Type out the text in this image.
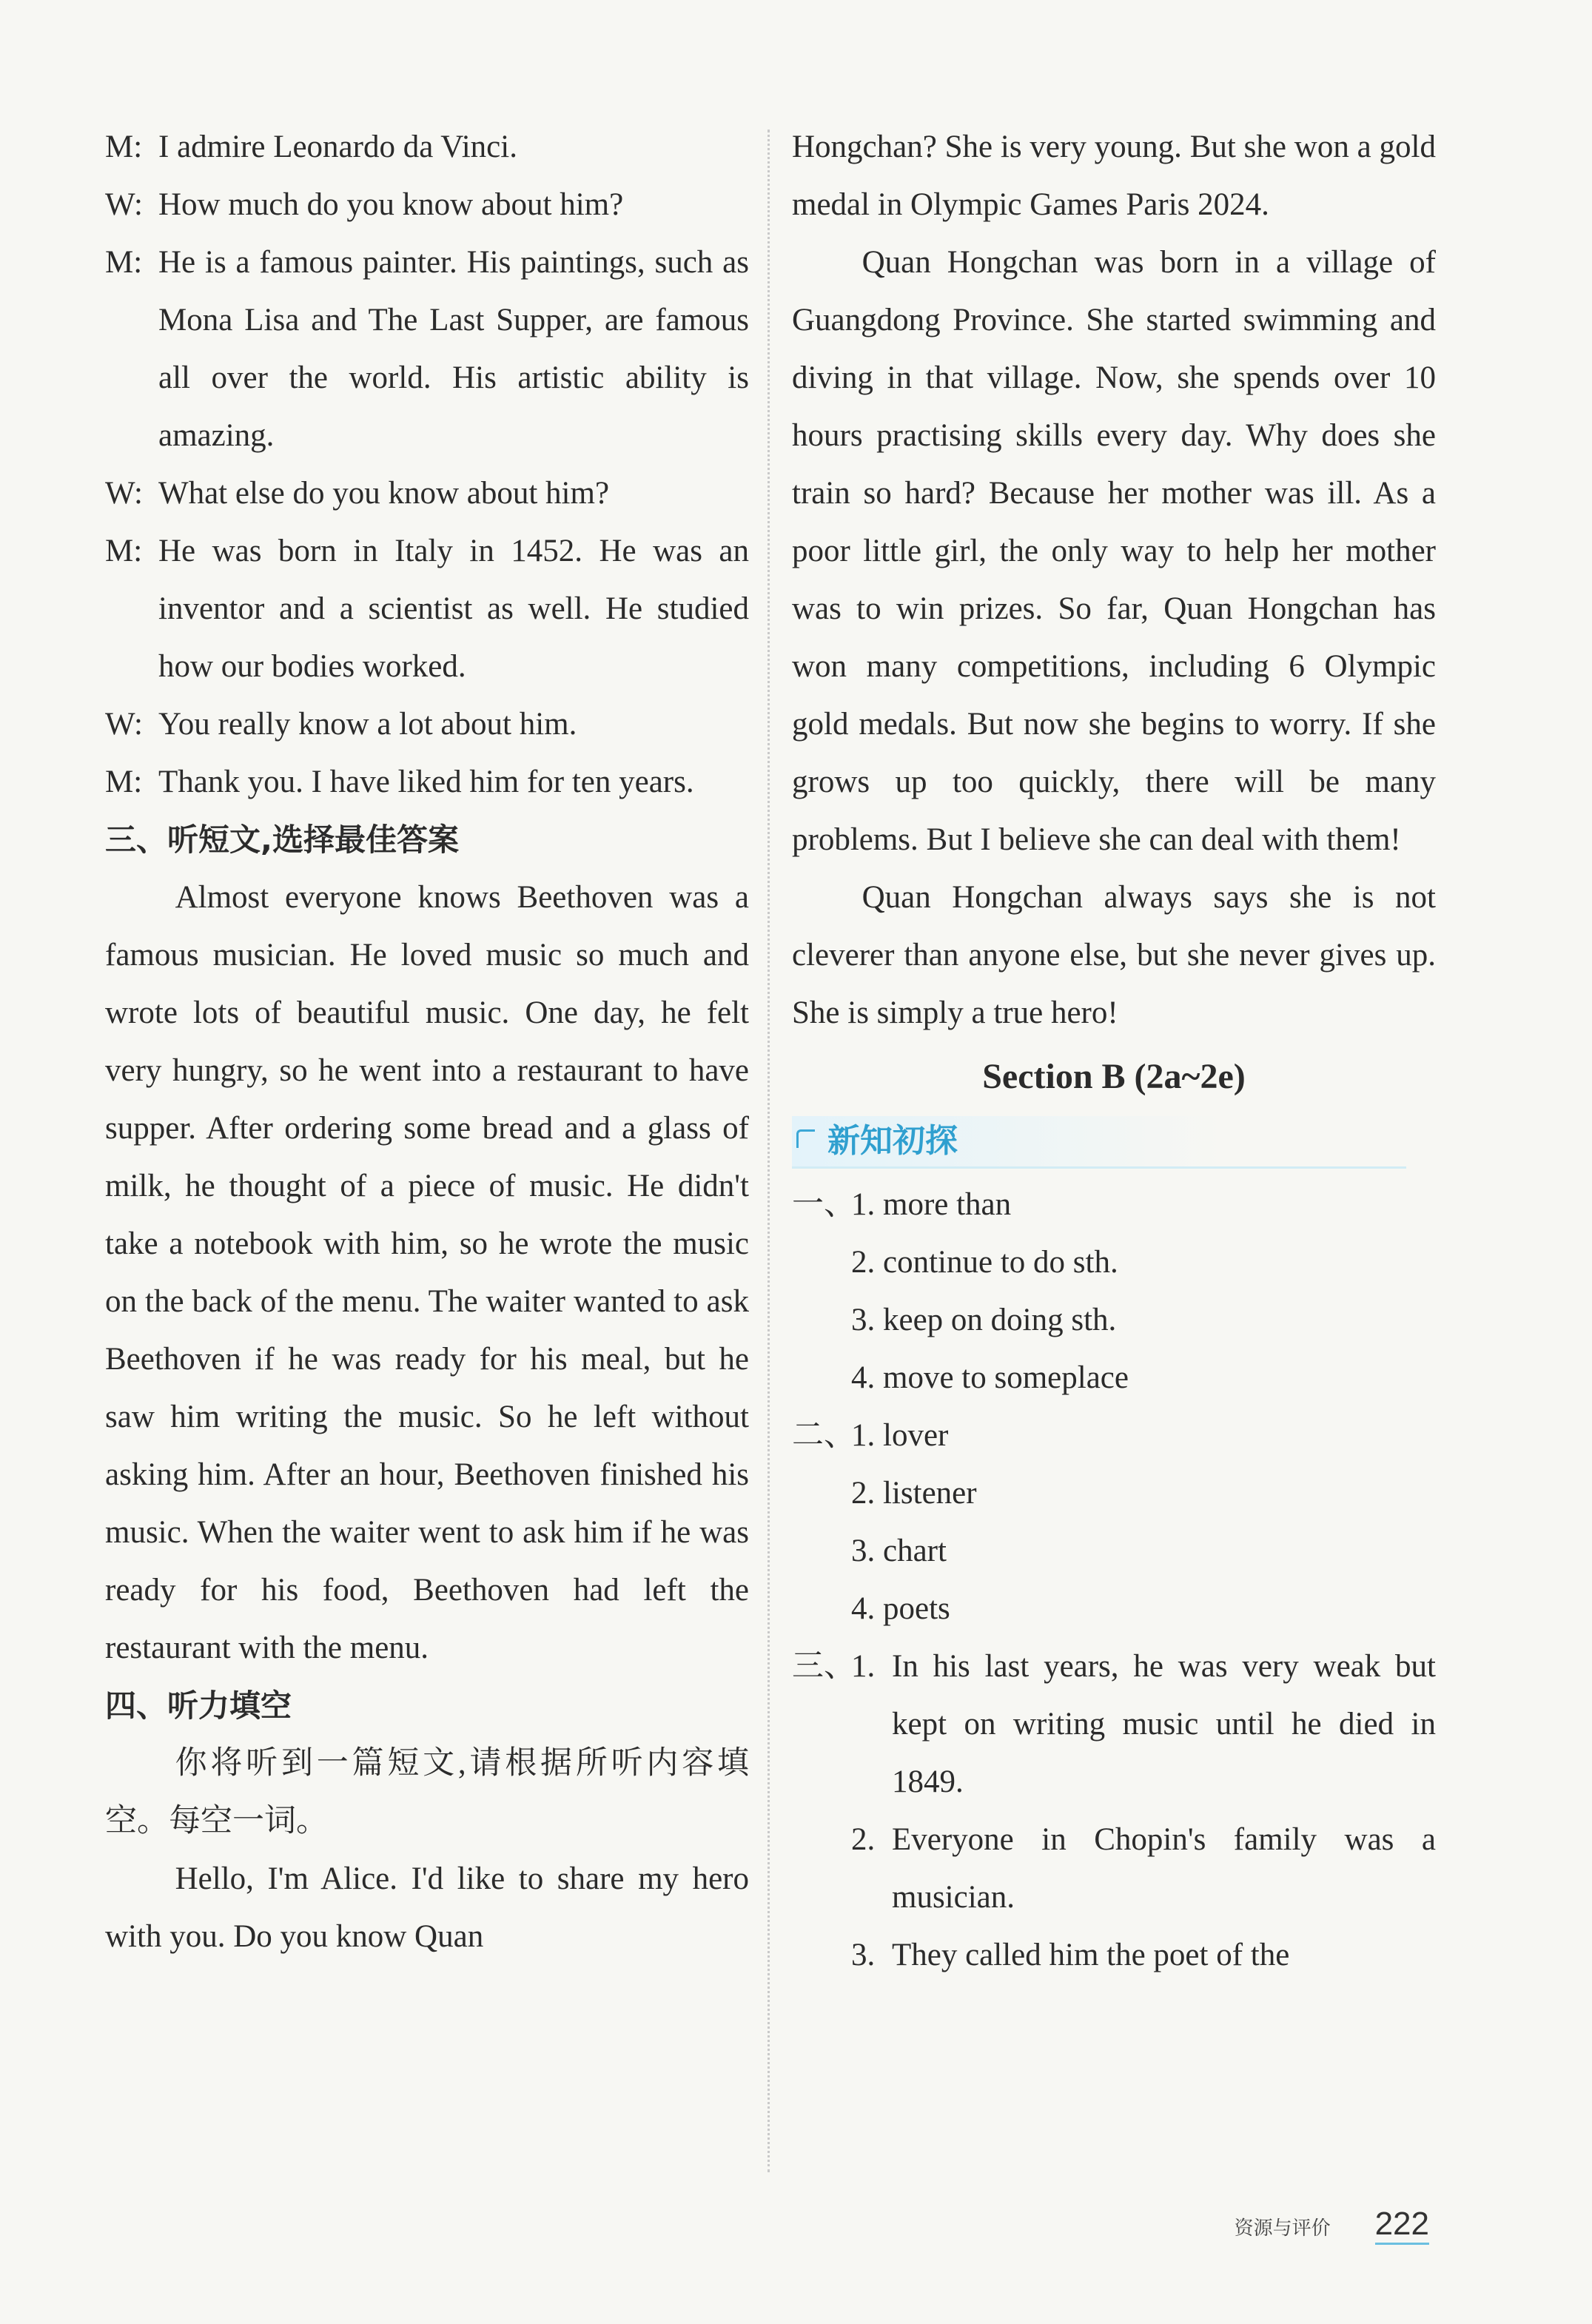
M: I admire Leonardo da Vinci.
W: How much do you know about him?
M: He is a famous painter. His paintings, such as Mona Lisa and The Last Supper, are famous all over the world. His artistic ability is amazing.
W: What else do you know about him?
M: He was born in Italy in 1452. He was an inventor and a scientist as well. He studied how our bodies worked.
W: You really know a lot about him.
M: Thank you. I have liked him for ten years.
三、听短文,选择最佳答案
Almost everyone knows Beethoven was a famous musician. He loved music so much and wrote lots of beautiful music. One day, he felt very hungry, so he went into a restaurant to have supper. After ordering some bread and a glass of milk, he thought of a piece of music. He didn't take a notebook with him, so he wrote the music on the back of the menu. The waiter wanted to ask Beethoven if he was ready for his meal, but he saw him writing the music. So he left without asking him. After an hour, Beethoven finished his music. When the waiter went to ask him if he was ready for his food, Beethoven had left the restaurant with the menu.
四、听力填空
你将听到一篇短文,请根据所听内容填空。每空一词。
Hello, I'm Alice. I'd like to share my hero with you. Do you know Quan
Hongchan? She is very young. But she won a gold medal in Olympic Games Paris 2024.
Quan Hongchan was born in a village of Guangdong Province. She started swimming and diving in that village. Now, she spends over 10 hours practising skills every day. Why does she train so hard? Because her mother was ill. As a poor little girl, the only way to help her mother was to win prizes. So far, Quan Hongchan has won many competitions, including 6 Olympic gold medals. But now she begins to worry. If she grows up too quickly, there will be many problems. But I believe she can deal with them!
Quan Hongchan always says she is not cleverer than anyone else, but she never gives up. She is simply a true hero!
Section B (2a~2e)
新知初探
一、
1. more than
2. continue to do sth.
3. keep on doing sth.
4. move to someplace
二、
1. lover
2. listener
3. chart
4. poets
三、
1. In his last years, he was very weak but kept on writing music until he died in 1849.
2. Everyone in Chopin's family was a musician.
3. They called him the poet of the
资源与评价 222
